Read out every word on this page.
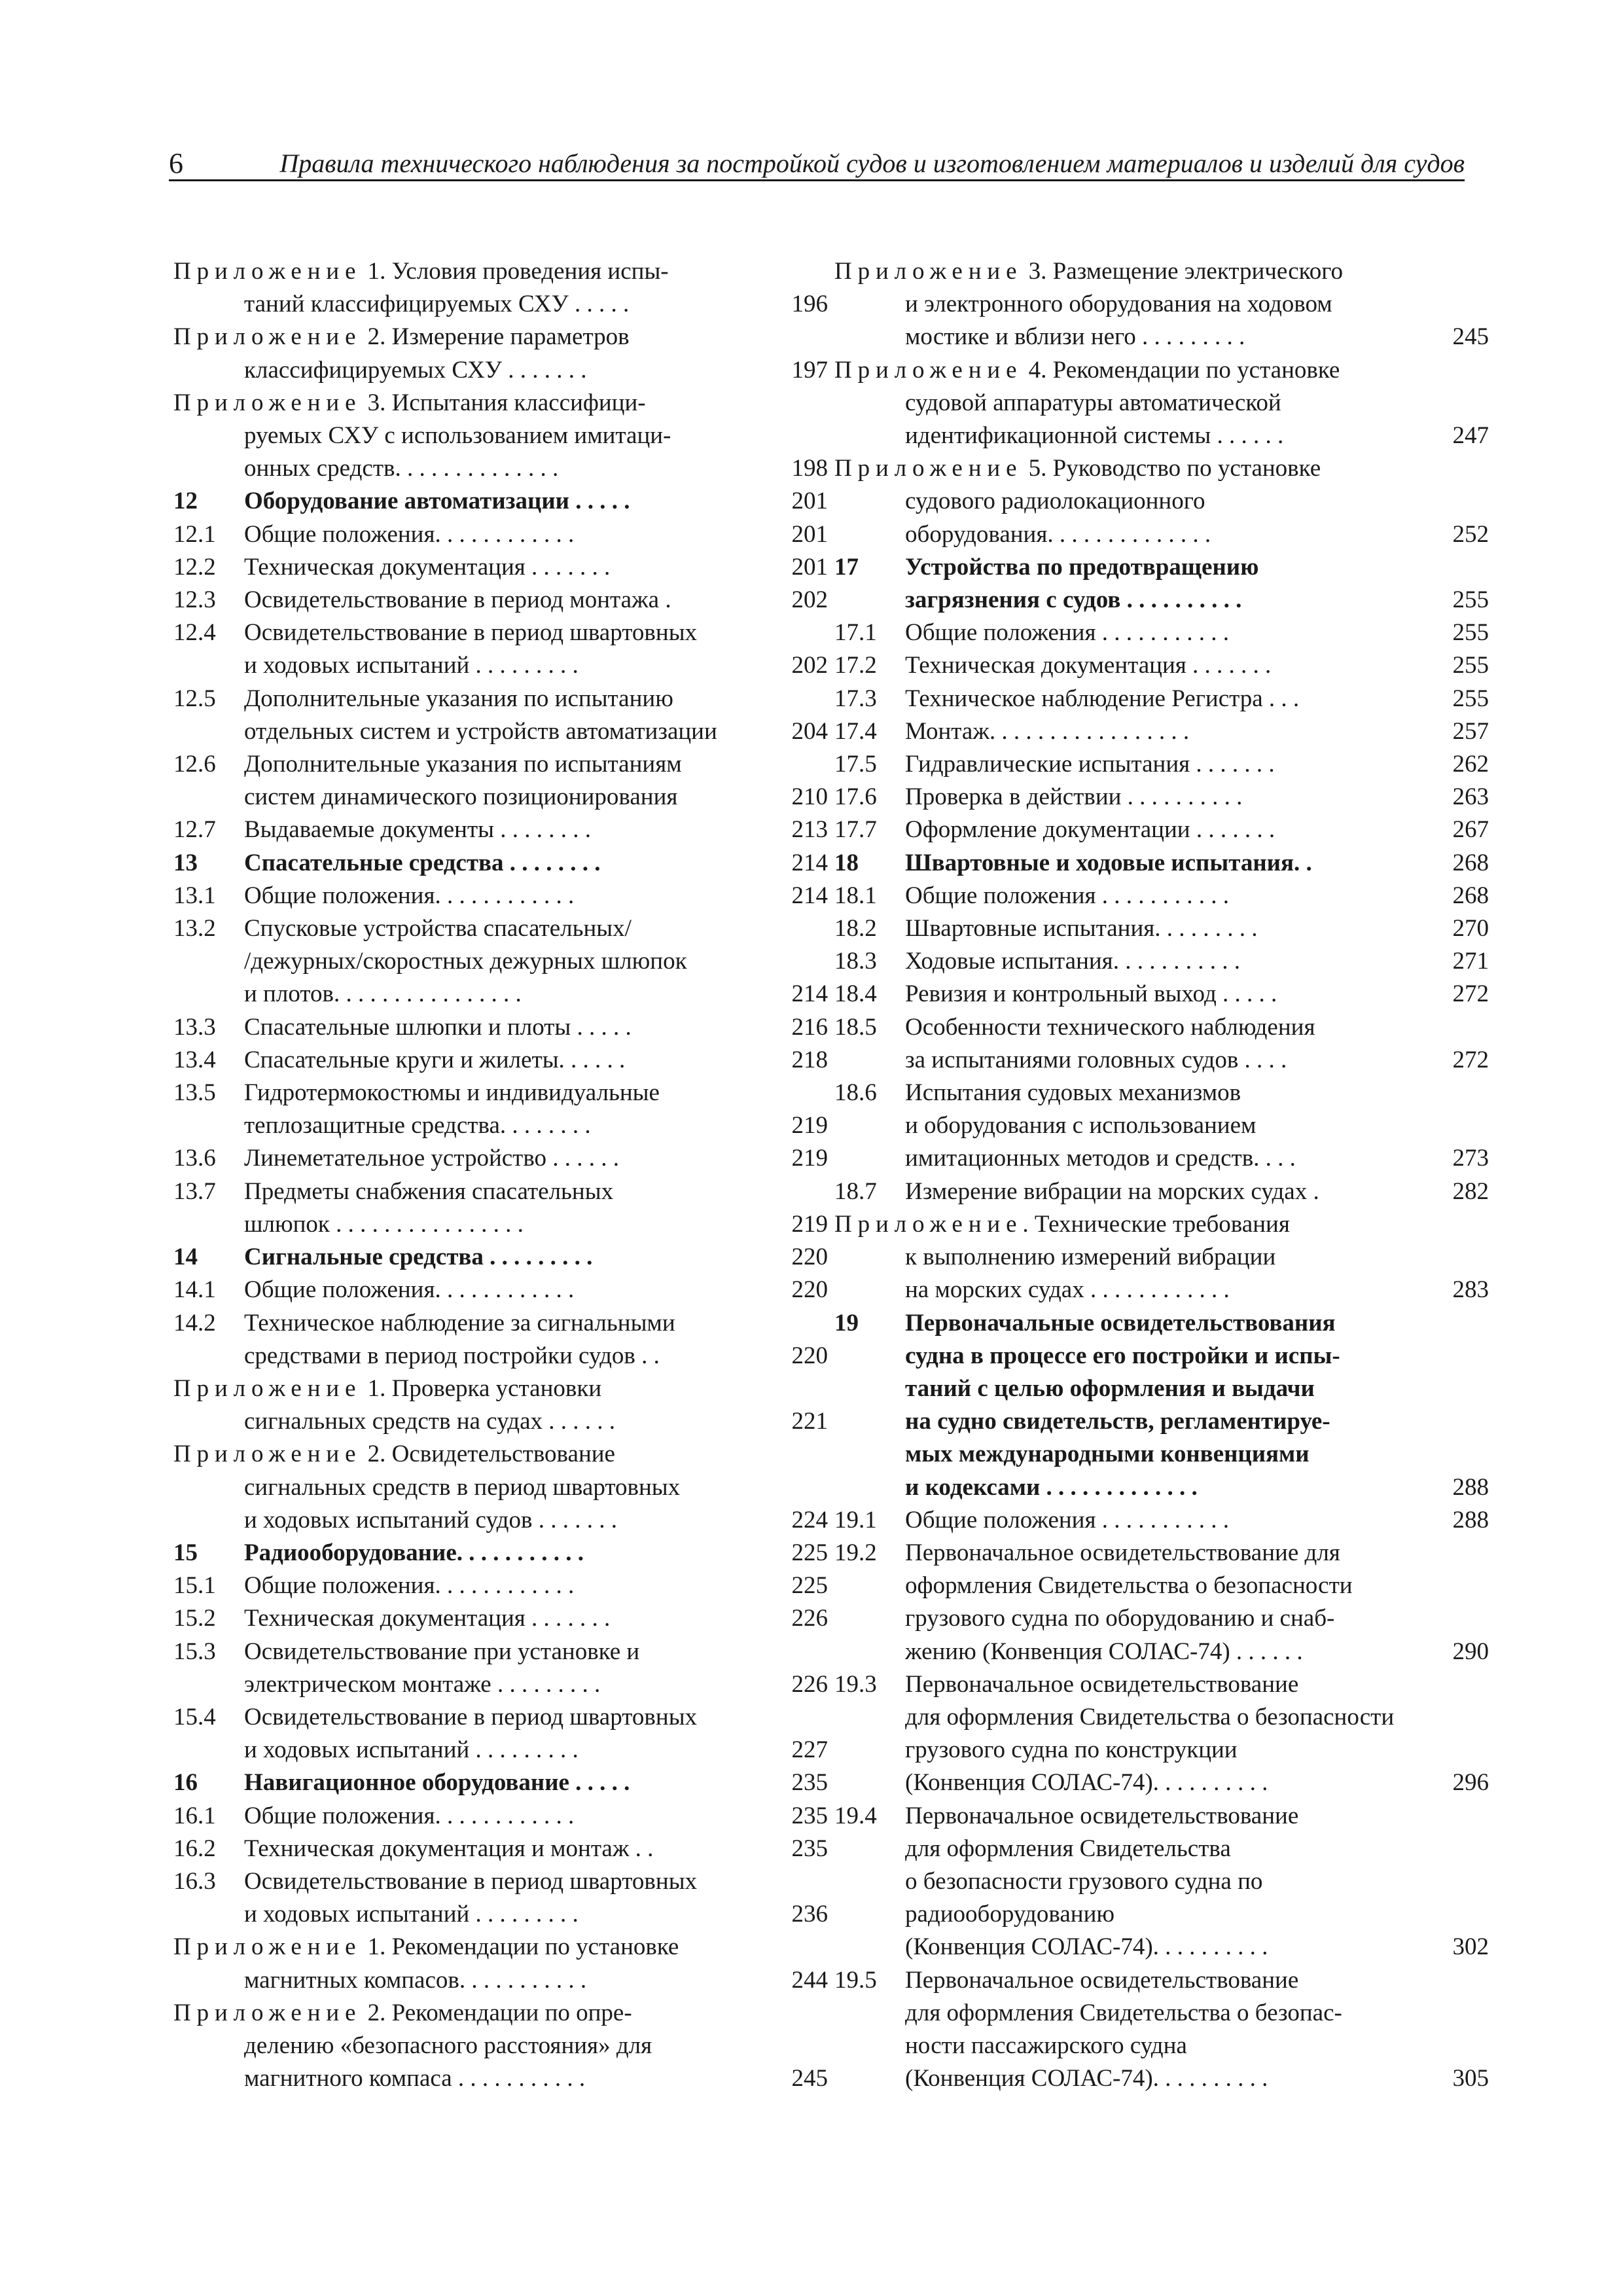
6	Правила технического наблюдения за постройкой судов и изготовлением материалов и изделий для судов
Приложение 1. Условия проведения испы-
таний классифицируемых СХУ . . . . .	196
Приложение 2. Измерение параметров
классифицируемых СХУ . . . . . . .	197
Приложение 3. Испытания классифици-
руемых СХУ с использованием имитаци-
онных средств. . . . . . . . . . . . . .	198
12 Оборудование автоматизации . . . . .	201
12.1 Общие положения. . . . . . . . . . . .	201
12.2 Техническая документация . . . . . . .	201
12.3 Освидетельствование в период монтажа .	202
12.4 Освидетельствование в период швартовных
и ходовых испытаний . . . . . . . . .	202
12.5 Дополнительные указания по испытанию
отдельных систем и устройств автоматизации	204
12.6 Дополнительные указания по испытаниям
систем динамического позиционирования	210
12.7 Выдаваемые документы . . . . . . . .	213
13 Спасательные средства . . . . . . . .	214
13.1 Общие положения. . . . . . . . . . . .	214
13.2 Спусковые устройства спасательных/
/дежурных/скоростных дежурных шлюпок
и плотов. . . . . . . . . . . . . . . .	214
13.3 Спасательные шлюпки и плоты . . . . .	216
13.4 Спасательные круги и жилеты. . . . . .	218
13.5 Гидротермокостюмы и индивидуальные
теплозащитные средства. . . . . . . .	219
13.6 Линеметательное устройство . . . . . .	219
13.7 Предметы снабжения спасательных
шлюпок . . . . . . . . . . . . . . . .	219
14 Сигнальные средства . . . . . . . . .	220
14.1 Общие положения. . . . . . . . . . . .	220
14.2 Техническое наблюдение за сигнальными
средствами в период постройки судов . .	220
Приложение 1. Проверка установки
сигнальных средств на судах . . . . . .	221
Приложение 2. Освидетельствование
сигнальных средств в период швартовных
и ходовых испытаний судов . . . . . . .	224
15 Радиооборудование. . . . . . . . . . .	225
15.1 Общие положения. . . . . . . . . . . .	225
15.2 Техническая документация . . . . . . .	226
15.3 Освидетельствование при установке и
электрическом монтаже . . . . . . . . .	226
15.4 Освидетельствование в период швартовных
и ходовых испытаний . . . . . . . . .	227
16 Навигационное оборудование . . . . .	235
16.1 Общие положения. . . . . . . . . . . .	235
16.2 Техническая документация и монтаж . .	235
16.3 Освидетельствование в период швартовных
и ходовых испытаний . . . . . . . . .	236
Приложение 1. Рекомендации по установке
магнитных компасов. . . . . . . . . . .	244
Приложение 2. Рекомендации по опре-
делению «безопасного расстояния» для
магнитного компаса . . . . . . . . . . .	245
Приложение 3. Размещение электрического
и электронного оборудования на ходовом
мостике и вблизи него . . . . . . . . .	245
Приложение 4. Рекомендации по установке
судовой аппаратуры автоматической
идентификационной системы . . . . . .	247
Приложение 5. Руководство по установке
судового радиолокационного
оборудования. . . . . . . . . . . . . .	252
17 Устройства по предотвращению
загрязнения с судов . . . . . . . . . .	255
17.1 Общие положения . . . . . . . . . . .	255
17.2 Техническая документация . . . . . . .	255
17.3 Техническое наблюдение Регистра . . .	255
17.4 Монтаж. . . . . . . . . . . . . . . . .	257
17.5 Гидравлические испытания . . . . . . .	262
17.6 Проверка в действии . . . . . . . . . .	263
17.7 Оформление документации . . . . . . .	267
18 Швартовные и ходовые испытания. .	268
18.1 Общие положения . . . . . . . . . . .	268
18.2 Швартовные испытания. . . . . . . . .	270
18.3 Ходовые испытания. . . . . . . . . . .	271
18.4 Ревизия и контрольный выход . . . . .	272
18.5 Особенности технического наблюдения
за испытаниями головных судов . . . .	272
18.6 Испытания судовых механизмов
и оборудования с использованием
имитационных методов и средств. . . .	273
18.7 Измерение вибрации на морских судах .	282
Приложение. Технические требования
к выполнению измерений вибрации
на морских судах . . . . . . . . . . . .	283
19 Первоначальные освидетельствования
судна в процессе его постройки и испы-
таний с целью оформления и выдачи
на судно свидетельств, регламентируе-
мых международными конвенциями
и кодексами . . . . . . . . . . . . .	288
19.1 Общие положения . . . . . . . . . . .	288
19.2 Первоначальное освидетельствование для
оформления Свидетельства о безопасности
грузового судна по оборудованию и снаб-
жению (Конвенция СОЛАС-74) . . . . . .	290
19.3 Первоначальное освидетельствование
для оформления Свидетельства о безопасности
грузового судна по конструкции
(Конвенция СОЛАС-74). . . . . . . . . .	296
19.4 Первоначальное освидетельствование
для оформления Свидетельства
о безопасности грузового судна по
радиооборудованию
(Конвенция СОЛАС-74). . . . . . . . . .	302
19.5 Первоначальное освидетельствование
для оформления Свидетельства о безопас-
ности пассажирского судна
(Конвенция СОЛАС-74). . . . . . . . . .	305
